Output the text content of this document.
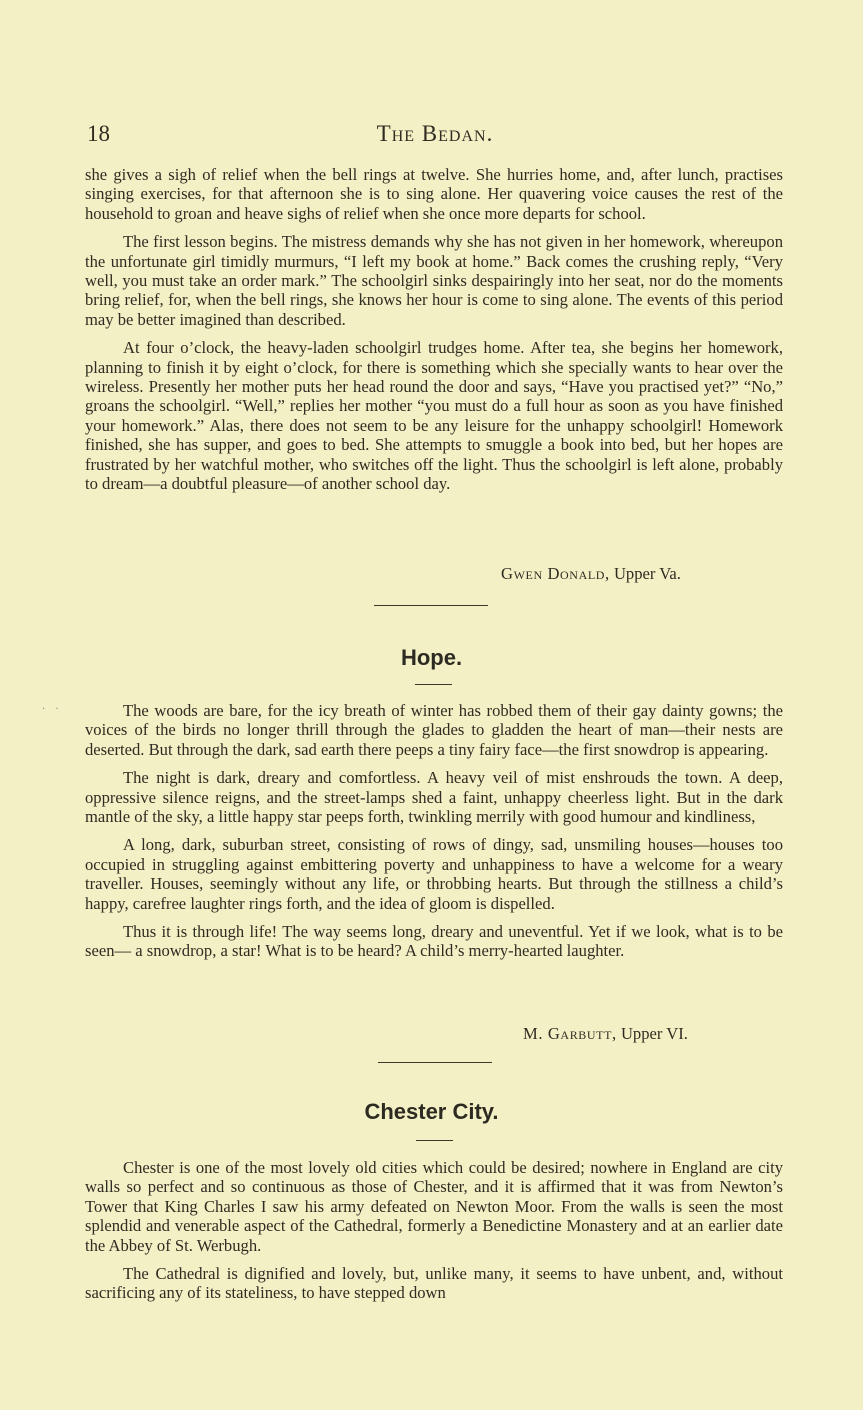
18	The Bedan.

she gives a sigh of relief when the bell rings at twelve. She hurries home, and, after lunch, practises singing exercises, for that afternoon she is to sing alone. Her quavering voice causes the rest of the household to groan and heave sighs of relief when she once more departs for school.

The first lesson begins. The mistress demands why she has not given in her homework, whereupon the unfortunate girl timidly murmurs, “I left my book at home.” Back comes the crushing reply, “Very well, you must take an order mark.” The schoolgirl sinks despairingly into her seat, nor do the moments bring relief, for, when the bell rings, she knows her hour is come to sing alone. The events of this period may be better imagined than described.

At four o’clock, the heavy-laden schoolgirl trudges home. After tea, she begins her homework, planning to finish it by eight o’clock, for there is something which she specially wants to hear over the wireless. Presently her mother puts her head round the door and says, “Have you practised yet?” “No,” groans the schoolgirl. “Well,” replies her mother “you must do a full hour as soon as you have finished your homework.” Alas, there does not seem to be any leisure for the unhappy schoolgirl! Homework finished, she has supper, and goes to bed. She attempts to smuggle a book into bed, but her hopes are frustrated by her watchful mother, who switches off the light. Thus the schoolgirl is left alone, probably to dream—a doubtful pleasure—of another school day.

Gwen Donald, Upper Va.
Hope.
··	The woods are bare, for the icy breath of winter has robbed them of their gay dainty gowns; the voices of the birds no longer thrill through the glades to gladden the heart of man—their nests are deserted. But through the dark, sad earth there peeps a tiny fairy face—the first snowdrop is appearing.

The night is dark, dreary and comfortless. A heavy veil of mist enshrouds the town. A deep, oppressive silence reigns, and the street-lamps shed a faint, unhappy cheerless light. But in the dark mantle of the sky, a little happy star peeps forth, twinkling merrily with good humour and kindliness,

A long, dark, suburban street, consisting of rows of dingy, sad, unsmiling houses—houses too occupied in struggling against embittering poverty and unhappiness to have a welcome for a weary traveller. Houses, seemingly without any life, or throbbing hearts. But through the stillness a child’s happy, carefree laughter rings forth, and the idea of gloom is dispelled.

Thus it is through life! The way seems long, dreary and uneventful. Yet if we look, what is to be seen— a snowdrop, a star! What is to be heard? A child’s merry-hearted laughter.

M. Garbutt, Upper VI.
Chester City.

Chester is one of the most lovely old cities which could be desired; nowhere in England are city walls so perfect and so continuous as those of Chester, and it is affirmed that it was from Newton’s Tower that King Charles I saw his army defeated on Newton Moor. From the walls is seen the most splendid and venerable aspect of the Cathedral, formerly a Benedictine Monastery and at an earlier date the Abbey of St. Werbugh.

The Cathedral is dignified and lovely, but, unlike many, it seems to have unbent, and, without sacrificing any of its stateliness, to have stepped down
